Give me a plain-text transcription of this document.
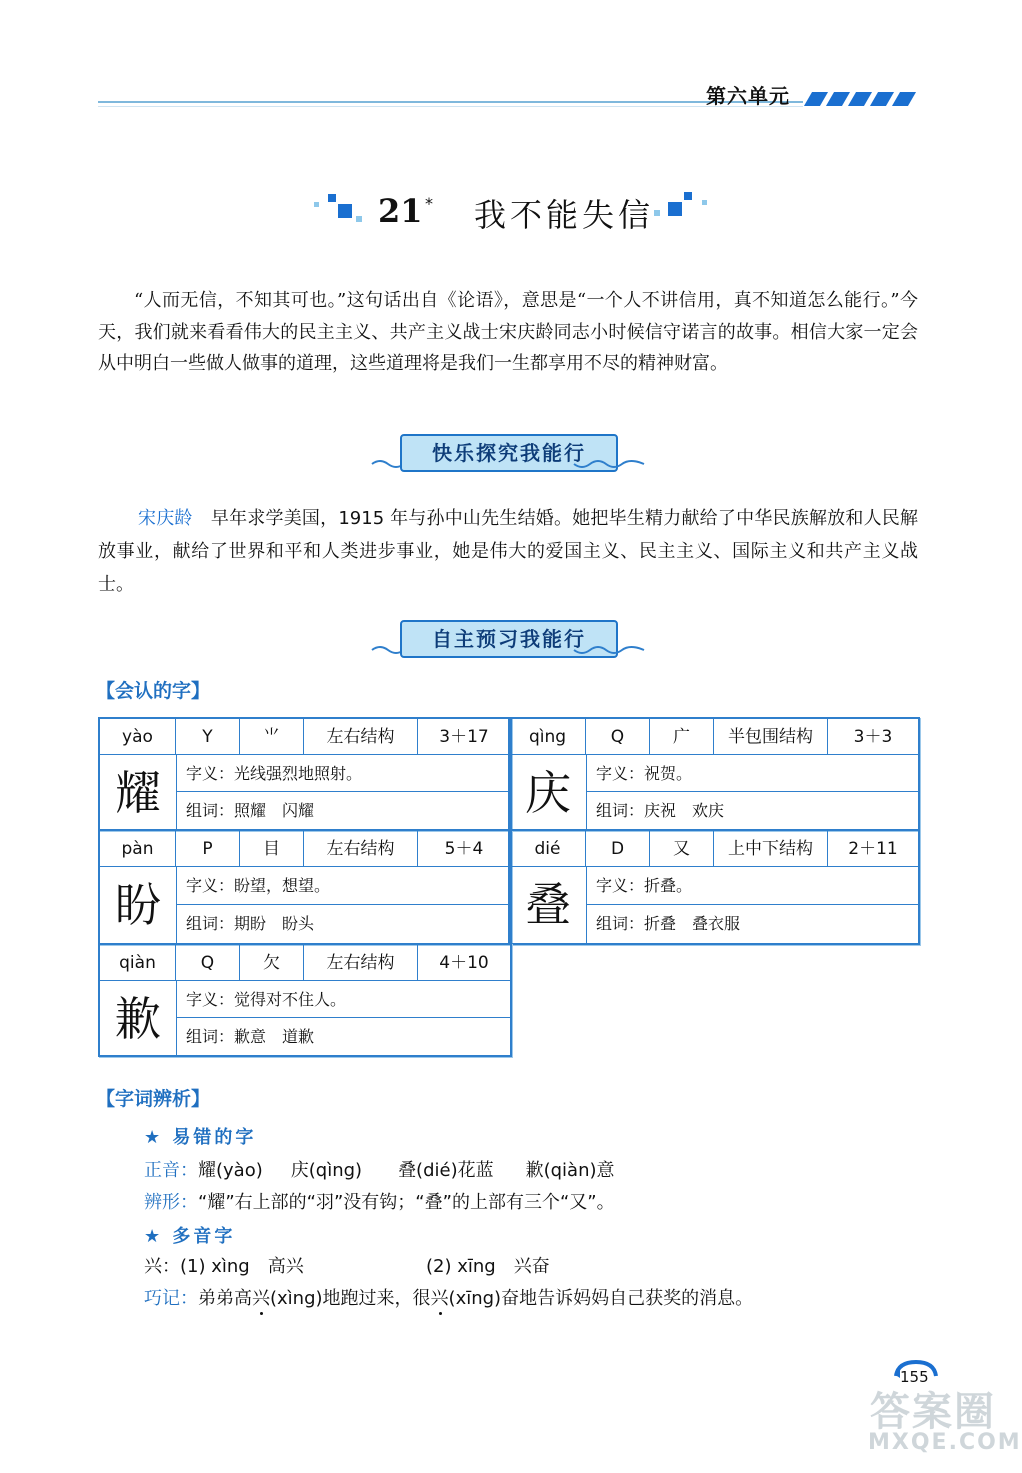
第六单元
21 * 我不能失信
“人而无信，不知其可也。”这句话出自《论语》，意思是“一个人不讲信用，真不知道怎么能行。”今天，我们就来看看伟大的民主主义、共产主义战士宋庆龄同志小时候信守诺言的故事。相信大家一定会从中明白一些做人做事的道理，这些道理将是我们一生都享用不尽的精神财富。
快乐探究我能行
宋庆龄　 早年求学美国，1915 年与孙中山先生结婚。她把毕生精力献给了中华民族解放和人民解放事业，献给了世界和平和人类进步事业，她是伟大的爱国主义、民主主义、国际主义和共产主义战士。
自主预习我能行
【会认的字】
yào	Y	⺌	左右结构	3＋17
耀	字义：光线强烈地照射。
组词：照耀　闪耀
qìng	Q	广	半包围结构	3＋3
庆	字义：祝贺。
组词：庆祝　欢庆
pàn	P	目	左右结构	5＋4
盼	字义：盼望，想望。
组词：期盼　盼头
dié	D	又	上中下结构	2＋11
叠	字义：折叠。
组词：折叠　叠衣服
qiàn	Q	欠	左右结构	4＋10
歉	字义：觉得对不住人。
组词：歉意　道歉
【字词辨析】
★ 易错的字
正音：耀(yào) 庆(qìng) 叠(dié)花蓝 歉(qiàn)意
辨形：“耀”右上部的“羽”没有钩；“叠”的上部有三个“又”。
★ 多音字
兴：(1) xìng　高兴	(2) xīng　兴奋
巧记：弟弟高兴(xìng)地跑过来，很兴(xīng)奋地告诉妈妈自己获奖的消息。
155
答案圈
MXQE.COM
